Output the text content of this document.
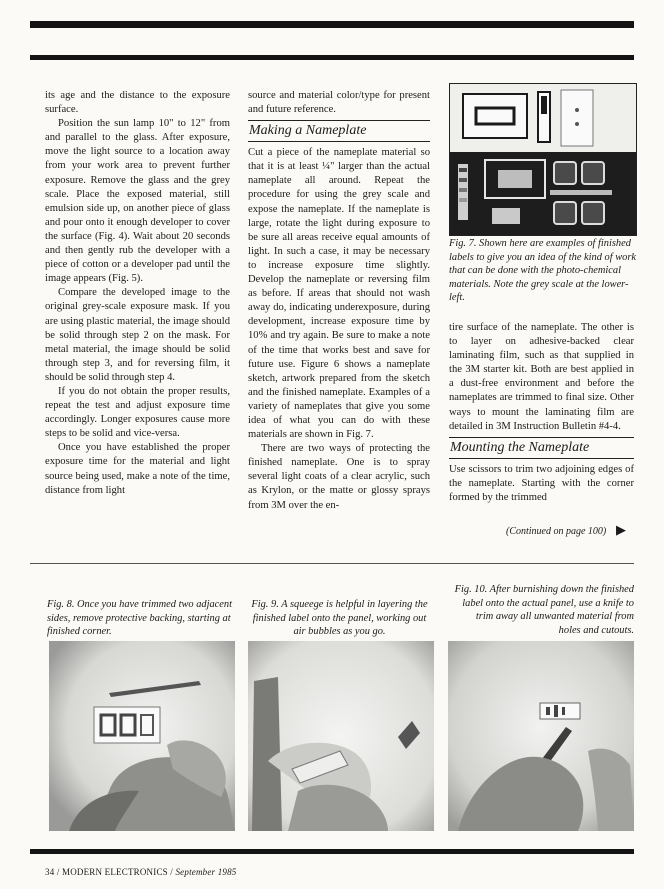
its age and the distance to the exposure surface.

Position the sun lamp 10" to 12" from and parallel to the glass. After exposure, move the light source to a location away from your work area to prevent further exposure. Remove the glass and the grey scale. Place the exposed material, still emulsion side up, on another piece of glass and pour onto it enough developer to cover the surface (Fig. 4). Wait about 20 seconds and then gently rub the developer with a piece of cotton or a developer pad until the image appears (Fig. 5).

Compare the developed image to the original grey-scale exposure mask. If you are using plastic material, the image should be solid through step 2 on the mask. For metal material, the image should be solid through step 3, and for reversing film, it should be solid through step 4.

If you do not obtain the proper results, repeat the test and adjust exposure time accordingly. Longer exposures cause more steps to be solid and vice-versa.

Once you have established the proper exposure time for the material and light source being used, make a note of the time, distance from light

source and material color/type for present and future reference.

Making a Nameplate

Cut a piece of the nameplate material so that it is at least ¼" larger than the actual nameplate all around. Repeat the procedure for using the grey scale and expose the nameplate. If the nameplate is large, rotate the light during exposure to be sure all areas receive equal amounts of light. In such a case, it may be necessary to increase exposure time slightly. Develop the nameplate or reversing film as before. If areas that should not wash away do, indicating underexposure, during development, increase exposure time by 10% and try again. Be sure to make a note of the time that works best and save for future use. Figure 6 shows a nameplate sketch, artwork prepared from the sketch and the finished nameplate. Examples of a variety of nameplates that give you some idea of what you can do with these materials are shown in Fig. 7.

There are two ways of protecting the finished nameplate. One is to spray several light coats of a clear acrylic, such as Krylon, or the matte or glossy sprays from 3M over the en-

Fig. 7. Shown here are examples of finished labels to give you an idea of the kind of work that can be done with the photo-chemical materials. Note the grey scale at the lower-left.

tire surface of the nameplate. The other is to layer on adhesive-backed clear laminating film, such as that supplied in the 3M starter kit. Both are best applied in a dust-free environment and before the nameplates are trimmed to final size. Other ways to mount the laminating film are detailed in 3M Instruction Bulletin #4-4.

Mounting the Nameplate

Use scissors to trim two adjoining edges of the nameplate. Starting with the corner formed by the trimmed

(Continued on page 100) ▶
Fig. 10. After burnishing down the finished label onto the actual panel, use a knife to trim away all unwanted material from holes and cutouts.
Fig. 8. Once you have trimmed two adjacent sides, remove protective backing, starting at finished corner.
Fig. 9. A squeege is helpful in layering the finished label onto the panel, working out air bubbles as you go.
34 / MODERN ELECTRONICS / September 1985
